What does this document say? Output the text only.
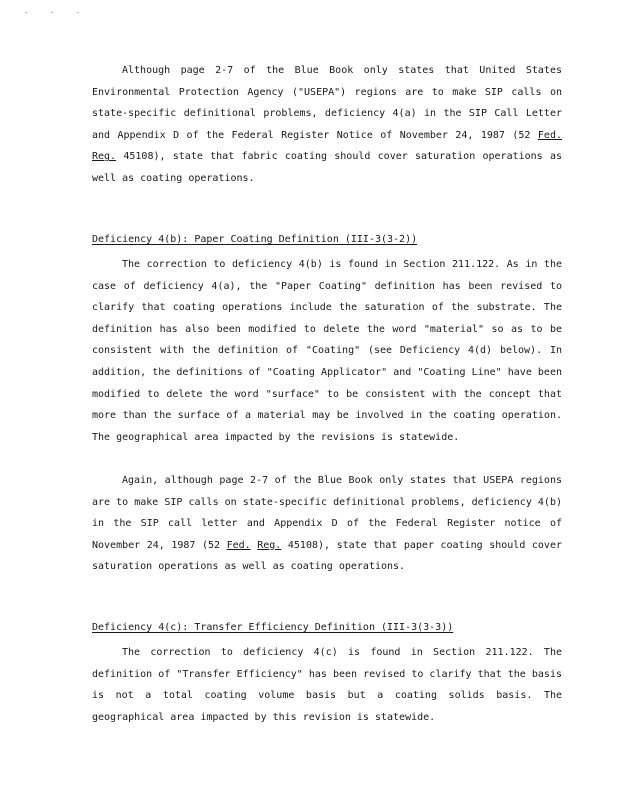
- · -

Although page 2-7 of the Blue Book only states that United States Environmental Protection Agency ("USEPA") regions are to make SIP calls on state-specific definitional problems, deficiency 4(a) in the SIP Call Letter and Appendix D of the Federal Register Notice of November 24, 1987 (52 Fed. Reg. 45108), state that fabric coating should cover saturation operations as well as coating operations.

Deficiency 4(b): Paper Coating Definition (III-3(3-2))

The correction to deficiency 4(b) is found in Section 211.122. As in the case of deficiency 4(a), the "Paper Coating" definition has been revised to clarify that coating operations include the saturation of the substrate. The definition has also been modified to delete the word "material" so as to be consistent with the definition of "Coating" (see Deficiency 4(d) below). In addition, the definitions of "Coating Applicator" and "Coating Line" have been modified to delete the word "surface" to be consistent with the concept that more than the surface of a material may be involved in the coating operation. The geographical area impacted by the revisions is statewide.

Again, although page 2-7 of the Blue Book only states that USEPA regions are to make SIP calls on state-specific definitional problems, deficiency 4(b) in the SIP call letter and Appendix D of the Federal Register notice of November 24, 1987 (52 Fed. Reg. 45108), state that paper coating should cover saturation operations as well as coating operations.

Deficiency 4(c): Transfer Efficiency Definition (III-3(3-3))

The correction to deficiency 4(c) is found in Section 211.122. The definition of "Transfer Efficiency" has been revised to clarify that the basis is not a total coating volume basis but a coating solids basis. The geographical area impacted by this revision is statewide.
